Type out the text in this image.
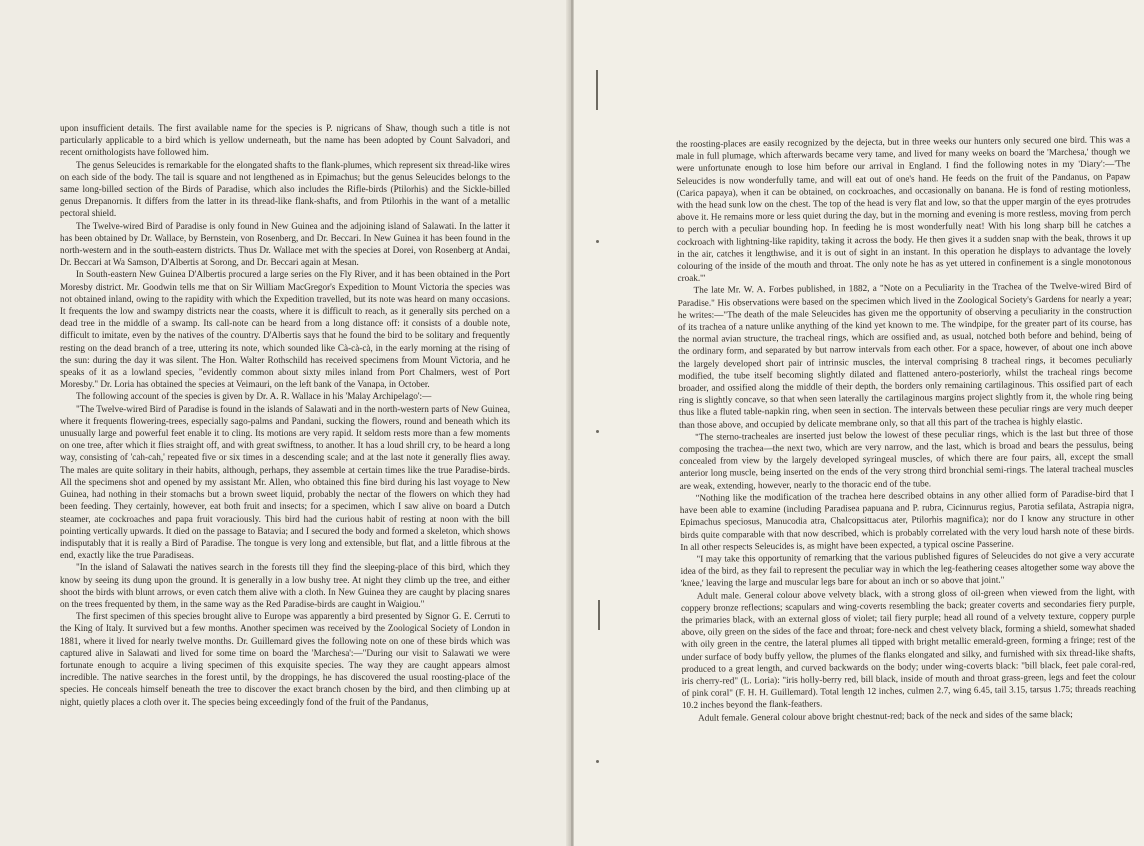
upon insufficient details. The first available name for the species is P. nigricans of Shaw, though such a title is not particularly applicable to a bird which is yellow underneath, but the name has been adopted by Count Salvadori, and recent ornithologists have followed him.

The genus Seleucides is remarkable for the elongated shafts to the flank-plumes, which represent six thread-like wires on each side of the body. The tail is square and not lengthened as in Epimachus; but the genus Seleucides belongs to the same long-billed section of the Birds of Paradise, which also includes the Rifle-birds (Ptilorhis) and the Sickle-billed genus Drepanornis. It differs from the latter in its thread-like flank-shafts, and from Ptilorhis in the want of a metallic pectoral shield.

The Twelve-wired Bird of Paradise is only found in New Guinea and the adjoining island of Salawati. In the latter it has been obtained by Dr. Wallace, by Bernstein, von Rosenberg, and Dr. Beccari. In New Guinea it has been found in the north-western and in the south-eastern districts. Thus Dr. Wallace met with the species at Dorei, von Rosenberg at Andai, Dr. Beccari at Wa Samson, D'Albertis at Sorong, and Dr. Beccari again at Mesan.

In South-eastern New Guinea D'Albertis procured a large series on the Fly River, and it has been obtained in the Port Moresby district. Mr. Goodwin tells me that on Sir William MacGregor's Expedition to Mount Victoria the species was not obtained inland, owing to the rapidity with which the Expedition travelled, but its note was heard on many occasions. It frequents the low and swampy districts near the coasts, where it is difficult to reach, as it generally sits perched on a dead tree in the middle of a swamp. Its call-note can be heard from a long distance off: it consists of a double note, difficult to imitate, even by the natives of the country. D'Albertis says that he found the bird to be solitary and frequently resting on the dead branch of a tree, uttering its note, which sounded like Cà-cà-cà, in the early morning at the rising of the sun: during the day it was silent. The Hon. Walter Rothschild has received specimens from Mount Victoria, and he speaks of it as a lowland species, "evidently common about sixty miles inland from Port Chalmers, west of Port Moresby." Dr. Loria has obtained the species at Veimauri, on the left bank of the Vanapa, in October.

The following account of the species is given by Dr. A. R. Wallace in his 'Malay Archipelago':—

"The Twelve-wired Bird of Paradise is found in the islands of Salawati and in the north-western parts of New Guinea, where it frequents flowering-trees, especially sago-palms and Pandani, sucking the flowers, round and beneath which its unusually large and powerful feet enable it to cling. Its motions are very rapid. It seldom rests more than a few moments on one tree, after which it flies straight off, and with great swiftness, to another. It has a loud shrill cry, to be heard a long way, consisting of 'cah-cah,' repeated five or six times in a descending scale; and at the last note it generally flies away. The males are quite solitary in their habits, although, perhaps, they assemble at certain times like the true Paradise-birds. All the specimens shot and opened by my assistant Mr. Allen, who obtained this fine bird during his last voyage to New Guinea, had nothing in their stomachs but a brown sweet liquid, probably the nectar of the flowers on which they had been feeding. They certainly, however, eat both fruit and insects; for a specimen, which I saw alive on board a Dutch steamer, ate cockroaches and papa fruit voraciously. This bird had the curious habit of resting at noon with the bill pointing vertically upwards. It died on the passage to Batavia; and I secured the body and formed a skeleton, which shows indisputably that it is really a Bird of Paradise. The tongue is very long and extensible, but flat, and a little fibrous at the end, exactly like the true Paradiseas.

"In the island of Salawati the natives search in the forests till they find the sleeping-place of this bird, which they know by seeing its dung upon the ground. It is generally in a low bushy tree. At night they climb up the tree, and either shoot the birds with blunt arrows, or even catch them alive with a cloth. In New Guinea they are caught by placing snares on the trees frequented by them, in the same way as the Red Paradise-birds are caught in Waigiou."

The first specimen of this species brought alive to Europe was apparently a bird presented by Signor G. E. Cerruti to the King of Italy. It survived but a few months. Another specimen was received by the Zoological Society of London in 1881, where it lived for nearly twelve months. Dr. Guillemard gives the following note on one of these birds which was captured alive in Salawati and lived for some time on board the 'Marchesa':—"During our visit to Salawati we were fortunate enough to acquire a living specimen of this exquisite species. The way they are caught appears almost incredible. The native searches in the forest until, by the droppings, he has discovered the usual roosting-place of the species. He conceals himself beneath the tree to discover the exact branch chosen by the bird, and then climbing up at night, quietly places a cloth over it. The species being exceedingly fond of the fruit of the Pandanus,

the roosting-places are easily recognized by the dejecta, but in three weeks our hunters only secured one bird. This was a male in full plumage, which afterwards became very tame, and lived for many weeks on board the 'Marchesa,' though we were unfortunate enough to lose him before our arrival in England. I find the following notes in my 'Diary':—'The Seleucides is now wonderfully tame, and will eat out of one's hand. He feeds on the fruit of the Pandanus, on Papaw (Carica papaya), when it can be obtained, on cockroaches, and occasionally on banana. He is fond of resting motionless, with the head sunk low on the chest. The top of the head is very flat and low, so that the upper margin of the eyes protrudes above it. He remains more or less quiet during the day, but in the morning and evening is more restless, moving from perch to perch with a peculiar bounding hop. In feeding he is most wonderfully neat! With his long sharp bill he catches a cockroach with lightning-like rapidity, taking it across the body. He then gives it a sudden snap with the beak, throws it up in the air, catches it lengthwise, and it is out of sight in an instant. In this operation he displays to advantage the lovely colouring of the inside of the mouth and throat. The only note he has as yet uttered in confinement is a single monotonous croak.'"

The late Mr. W. A. Forbes published, in 1882, a "Note on a Peculiarity in the Trachea of the Twelve-wired Bird of Paradise." His observations were based on the specimen which lived in the Zoological Society's Gardens for nearly a year; he writes:—"The death of the male Seleucides has given me the opportunity of observing a peculiarity in the construction of its trachea of a nature unlike anything of the kind yet known to me. The windpipe, for the greater part of its course, has the normal avian structure, the tracheal rings, which are ossified and, as usual, notched both before and behind, being of the ordinary form, and separated by but narrow intervals from each other. For a space, however, of about one inch above the largely developed short pair of intrinsic muscles, the interval comprising 8 tracheal rings, it becomes peculiarly modified, the tube itself becoming slightly dilated and flattened antero-posteriorly, whilst the tracheal rings become broader, and ossified along the middle of their depth, the borders only remaining cartilaginous. This ossified part of each ring is slightly concave, so that when seen laterally the cartilaginous margins project slightly from it, the whole ring being thus like a fluted table-napkin ring, when seen in section. The intervals between these peculiar rings are very much deeper than those above, and occupied by delicate membrane only, so that all this part of the trachea is highly elastic.

"The sterno-tracheales are inserted just below the lowest of these peculiar rings, which is the last but three of those composing the trachea—the next two, which are very narrow, and the last, which is broad and bears the pessulus, being concealed from view by the largely developed syringeal muscles, of which there are four pairs, all, except the small anterior long muscle, being inserted on the ends of the very strong third bronchial semi-rings. The lateral tracheal muscles are weak, extending, however, nearly to the thoracic end of the tube.

"Nothing like the modification of the trachea here described obtains in any other allied form of Paradise-bird that I have been able to examine (including Paradisea papuana and P. rubra, Cicinnurus regius, Parotia sefilata, Astrapia nigra, Epimachus speciosus, Manucodia atra, Chalcopsittacus ater, Ptilorhis magnifica); nor do I know any structure in other birds quite comparable with that now described, which is probably correlated with the very loud harsh note of these birds. In all other respects Seleucides is, as might have been expected, a typical oscine Passerine.

"I may take this opportunity of remarking that the various published figures of Seleucides do not give a very accurate idea of the bird, as they fail to represent the peculiar way in which the leg-feathering ceases altogether some way above the 'knee,' leaving the large and muscular legs bare for about an inch or so above that joint."

Adult male. General colour above velvety black, with a strong gloss of oil-green when viewed from the light, with coppery bronze reflections; scapulars and wing-coverts resembling the back; greater coverts and secondaries fiery purple, the primaries black, with an external gloss of violet; tail fiery purple; head all round of a velvety texture, coppery purple above, oily green on the sides of the face and throat; fore-neck and chest velvety black, forming a shield, somewhat shaded with oily green in the centre, the lateral plumes all tipped with bright metallic emerald-green, forming a fringe; rest of the under surface of body buffy yellow, the plumes of the flanks elongated and silky, and furnished with six thread-like shafts, produced to a great length, and curved backwards on the body; under wing-coverts black: "bill black, feet pale coral-red, iris cherry-red" (L. Loria): "iris holly-berry red, bill black, inside of mouth and throat grass-green, legs and feet the colour of pink coral" (F. H. H. Guillemard). Total length 12 inches, culmen 2.7, wing 6.45, tail 3.15, tarsus 1.75; threads reaching 10.2 inches beyond the flank-feathers.

Adult female. General colour above bright chestnut-red; back of the neck and sides of the same black;
